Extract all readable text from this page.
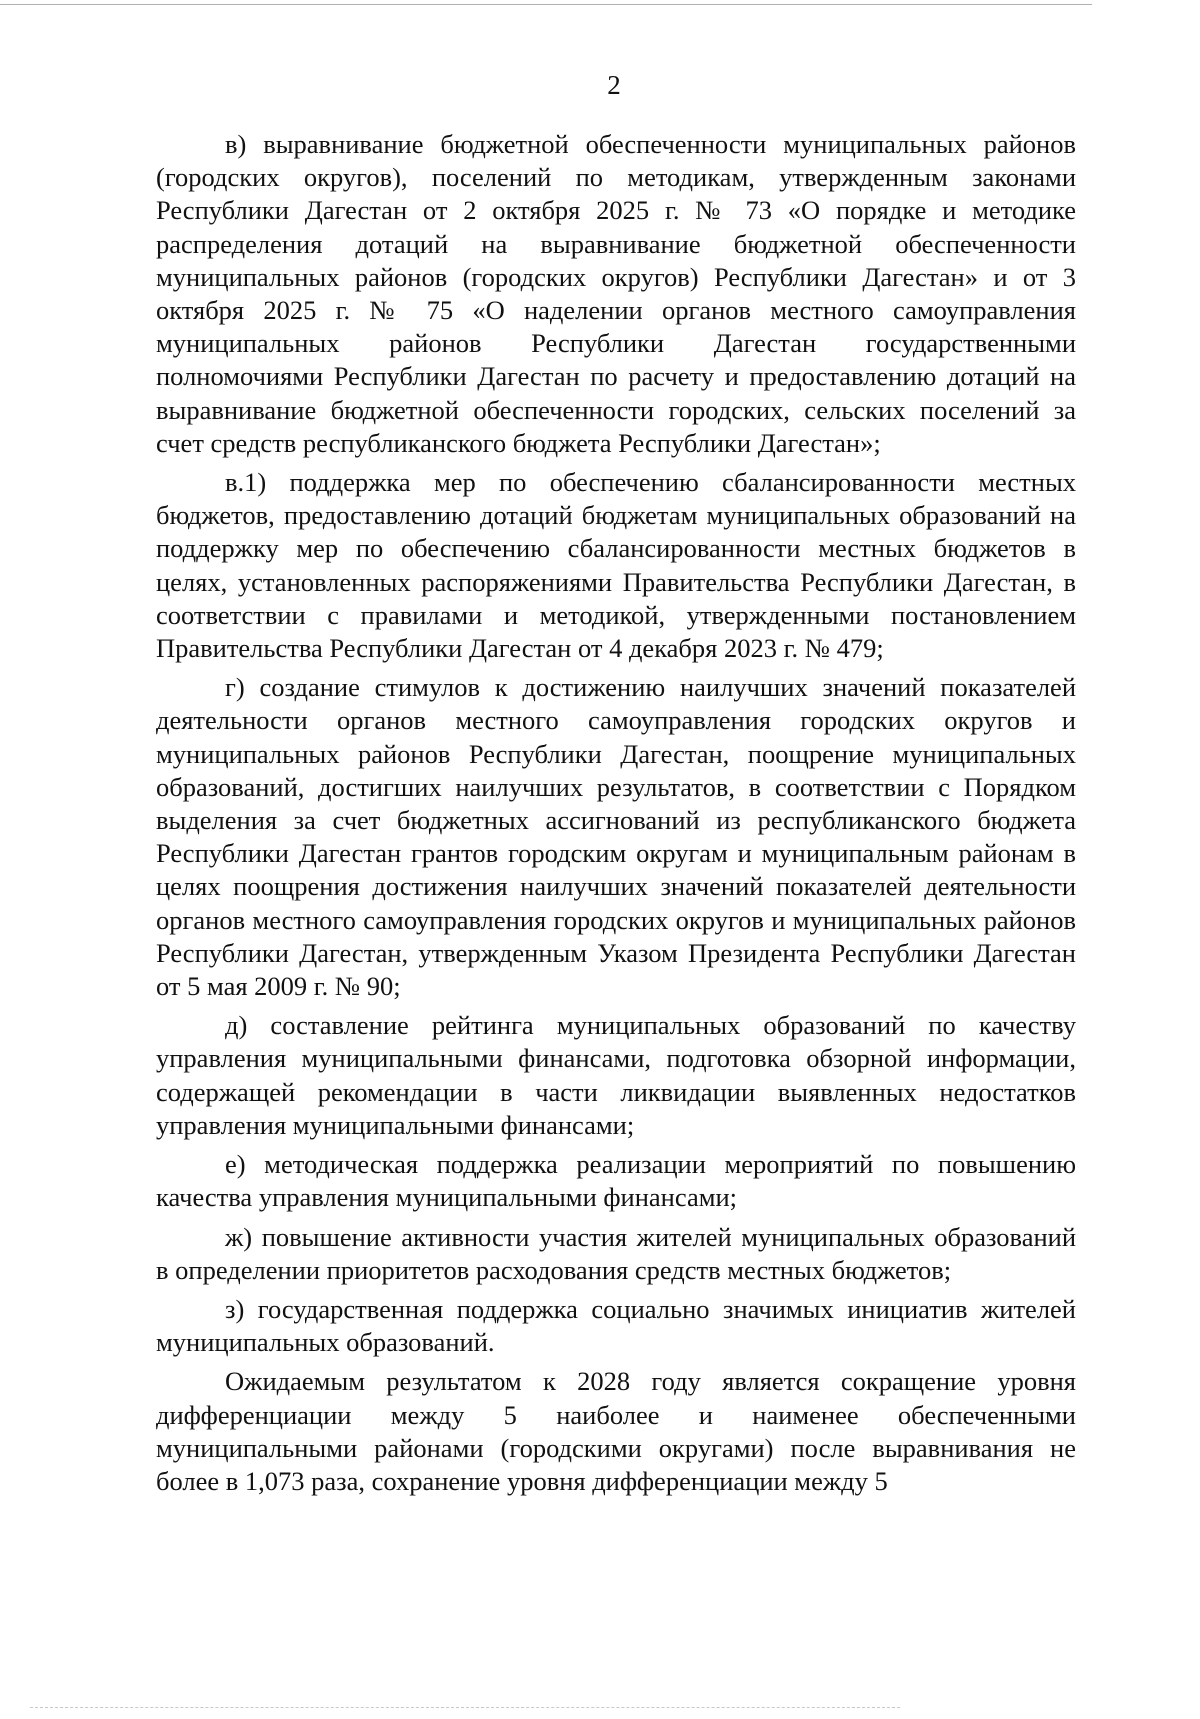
2

в) выравнивание бюджетной обеспеченности муниципальных районов (городских округов), поселений по методикам, утвержденным законами Республики Дагестан от 2 октября 2025 г. № 73 «О порядке и методике распределения дотаций на выравнивание бюджетной обеспеченности муниципальных районов (городских округов) Республики Дагестан» и от 3 октября 2025 г. № 75 «О наделении органов местного самоуправления муниципальных районов Республики Дагестан государственными полномочиями Республики Дагестан по расчету и предоставлению дотаций на выравнивание бюджетной обеспеченности городских, сельских поселений за счет средств республиканского бюджета Республики Дагестан»;

в.1) поддержка мер по обеспечению сбалансированности местных бюджетов, предоставлению дотаций бюджетам муниципальных образований на поддержку мер по обеспечению сбалансированности местных бюджетов в целях, установленных распоряжениями Правительства Республики Дагестан, в соответствии с правилами и методикой, утвержденными постановлением Правительства Республики Дагестан от 4 декабря 2023 г. № 479;

г) создание стимулов к достижению наилучших значений показателей деятельности органов местного самоуправления городских округов и муниципальных районов Республики Дагестан, поощрение муниципальных образований, достигших наилучших результатов, в соответствии с Порядком выделения за счет бюджетных ассигнований из республиканского бюджета Республики Дагестан грантов городским округам и муниципальным районам в целях поощрения достижения наилучших значений показателей деятельности органов местного самоуправления городских округов и муниципальных районов Республики Дагестан, утвержденным Указом Президента Республики Дагестан от 5 мая 2009 г. № 90;

д) составление рейтинга муниципальных образований по качеству управления муниципальными финансами, подготовка обзорной информации, содержащей рекомендации в части ликвидации выявленных недостатков управления муниципальными финансами;

е) методическая поддержка реализации мероприятий по повышению качества управления муниципальными финансами;

ж) повышение активности участия жителей муниципальных образований в определении приоритетов расходования средств местных бюджетов;

з) государственная поддержка социально значимых инициатив жителей муниципальных образований.

Ожидаемым результатом к 2028 году является сокращение уровня дифференциации между 5 наиболее и наименее обеспеченными муниципальными районами (городскими округами) после выравнивания не более в 1,073 раза, сохранение уровня дифференциации между 5
